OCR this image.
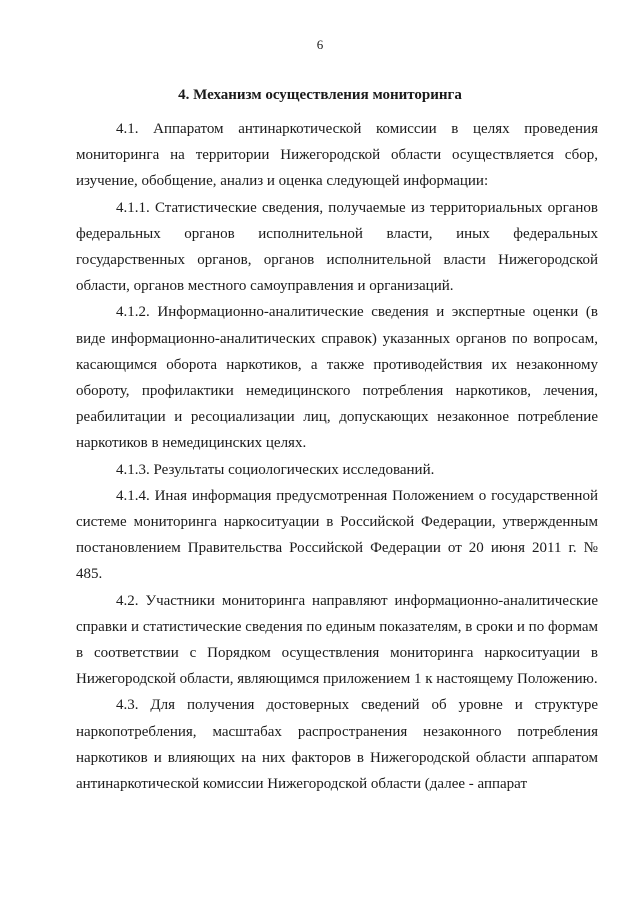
6
4. Механизм осуществления мониторинга

4.1. Аппаратом антинаркотической комиссии в целях проведения мониторинга на территории Нижегородской области осуществляется сбор, изучение, обобщение, анализ и оценка следующей информации:

4.1.1. Статистические сведения, получаемые из территориальных органов федеральных органов исполнительной власти, иных федеральных государственных органов, органов исполнительной власти Нижегородской области, органов местного самоуправления и организаций.

4.1.2. Информационно-аналитические сведения и экспертные оценки (в виде информационно-аналитических справок) указанных органов по вопросам, касающимся оборота наркотиков, а также противодействия их незаконному обороту, профилактики немедицинского потребления наркотиков, лечения, реабилитации и ресоциализации лиц, допускающих незаконное потребление наркотиков в немедицинских целях.

4.1.3. Результаты социологических исследований.

4.1.4. Иная информация предусмотренная Положением о государственной системе мониторинга наркоситуации в Российской Федерации, утвержденным постановлением Правительства Российской Федерации от 20 июня 2011 г. № 485.

4.2. Участники мониторинга направляют информационно-аналитические справки и статистические сведения по единым показателям, в сроки и по формам в соответствии с Порядком осуществления мониторинга наркоситуации в Нижегородской области, являющимся приложением 1 к настоящему Положению.

4.3. Для получения достоверных сведений об уровне и структуре наркопотребления, масштабах распространения незаконного потребления наркотиков и влияющих на них факторов в Нижегородской области аппаратом антинаркотической комиссии Нижегородской области (далее - аппарат
